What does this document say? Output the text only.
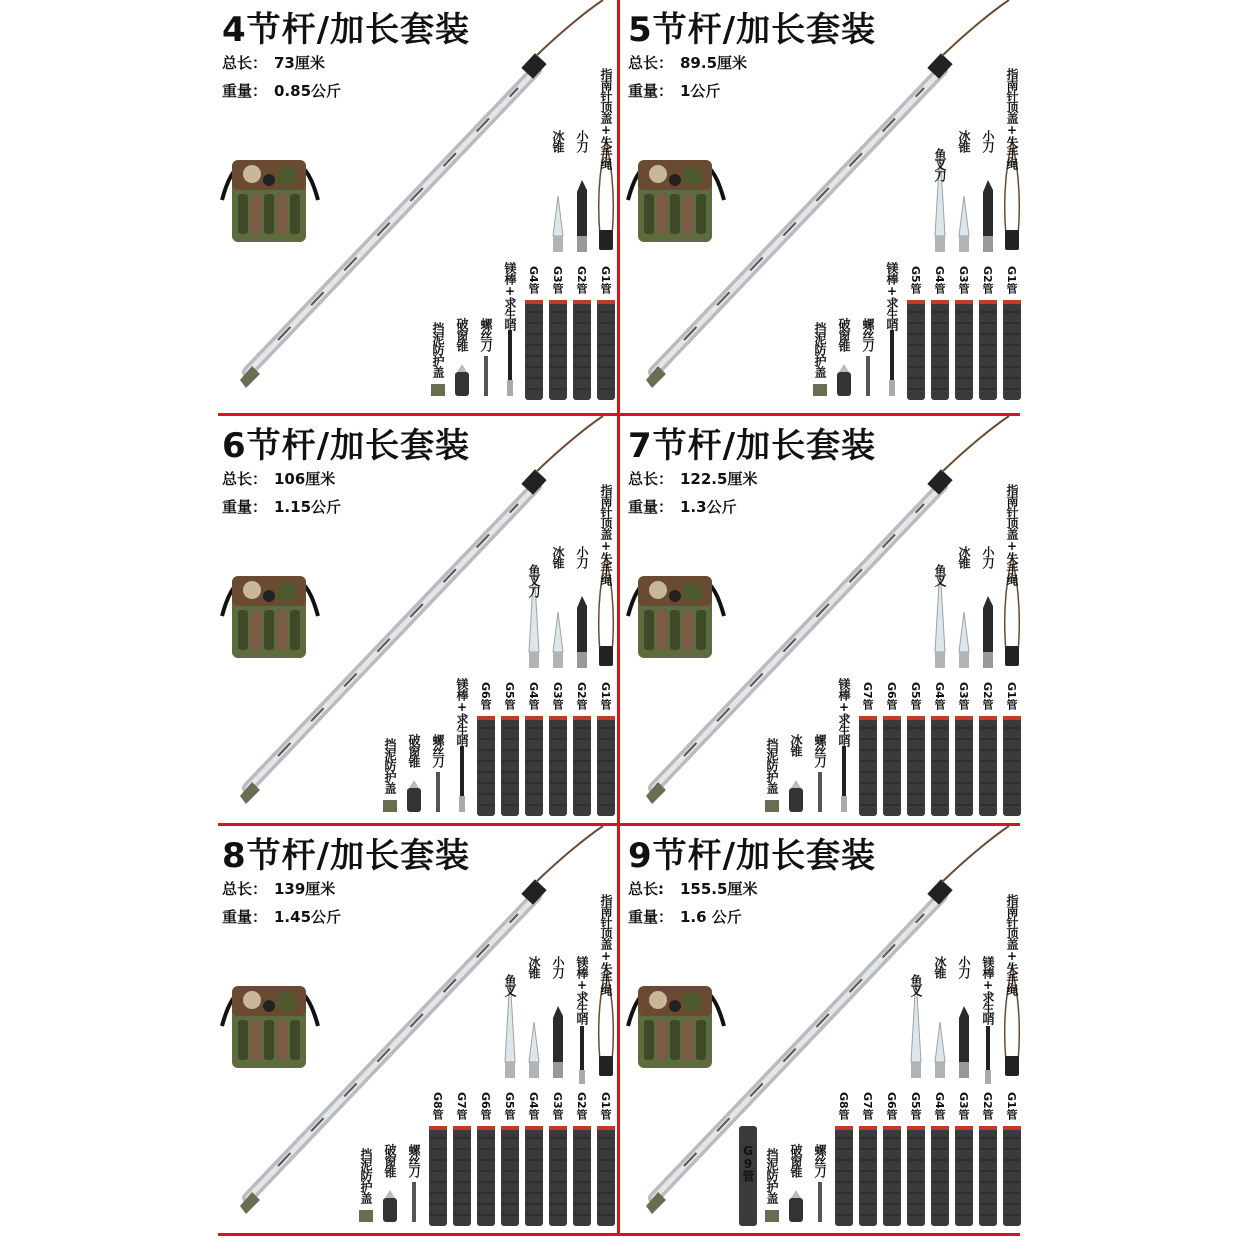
4节杆/加长套装
总长： 73厘米
重量： 0.85公斤
G4管 G3管 G2管 G1管
冰锥 小刀 指南针顶盖+失手绳
挡泥防护盖 破窗锥 螺丝刀
镁棒+求生哨
5节杆/加长套装
总长： 89.5厘米
重量： 1公斤
G5管 G4管 G3管 G2管 G1管
鱼叉刀
冰锥 小刀 指南针顶盖+失手绳
挡泥防护盖 破窗锥 螺丝刀
镁棒+求生哨
6节杆/加长套装
总长： 106厘米
重量： 1.15公斤
G6管 G5管 G4管 G3管 G2管 G1管
鱼叉刀
冰锥 小刀 指南针顶盖+失手绳
挡泥防护盖 破窗锥 螺丝刀
镁棒+求生哨
7节杆/加长套装
总长： 122.5厘米
重量： 1.3公斤
G7管 G6管 G5管 G4管 G3管 G2管 G1管
鱼叉
冰锥 小刀 指南针顶盖+失手绳
挡泥防护盖 冰锥 螺丝刀
镁棒+求生哨
8节杆/加长套装
总长： 139厘米
重量： 1.45公斤
G8管 G7管 G6管 G5管 G4管 G3管 G2管 G1管
鱼叉
冰锥 小刀 镁棒+求生哨 指南针顶盖+失手绳
挡泥防护盖 破窗锥 螺丝刀
9节杆/加长套装
总长: 155.5厘米
重量： 1.6 公斤
G8管 G7管 G6管 G5管 G4管 G3管 G2管 G1管
鱼叉
冰锥 小刀 镁棒+求生哨 指南针顶盖+失手绳
G9管 挡泥防护盖 破窗锥 螺丝刀
